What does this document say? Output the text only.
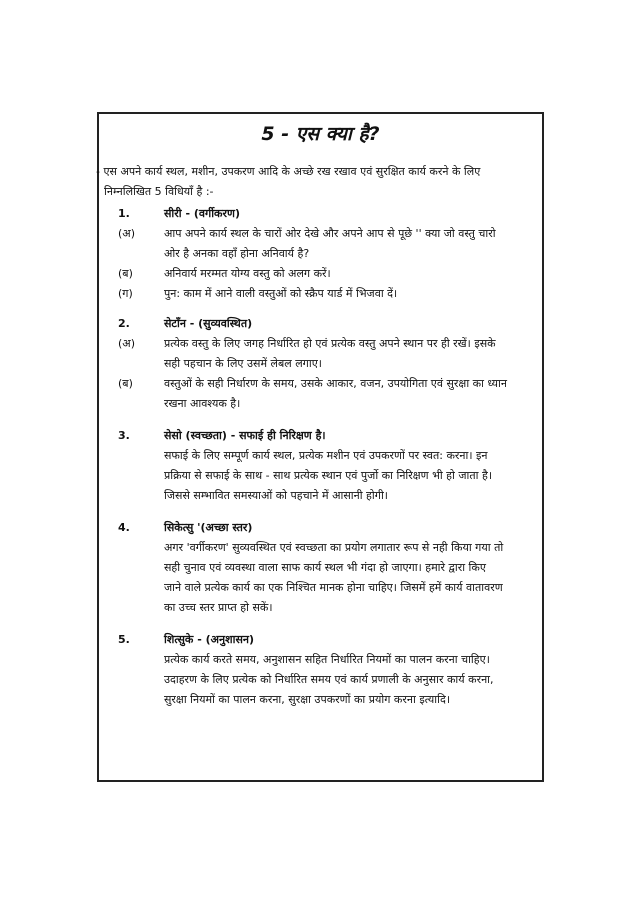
5 - एस क्या है?
- एस अपने कार्य स्थल, मशीन, उपकरण आदि के अच्छे रख रखाव एवं सुरक्षित कार्य करने के लिए
निम्नलिखित 5 विधियाँ है :-
1.	सीरी - (वर्गीकरण)
(अ)	आप अपने कार्य स्थल के चारों ओर देखे और अपने आप से पूछे '' क्या जो वस्तु चारो
ओर है अनका वहाँ होना अनिवार्य है?
(ब)	अनिवार्य मरम्मत योग्य वस्तु को अलग करें।
(ग)	पुन: काम में आने वाली वस्तुओं को स्क्रैप यार्ड में भिजवा दें।
2.	सेटाँन - (सुव्यवस्थित)
(अ)	प्रत्येक वस्तु के लिए जगह निर्धारित हो एवं प्रत्येक वस्तु अपने स्थान पर ही रखें। इसके
सही पहचान के लिए उसमें लेबल लगाए।
(ब)	वस्तुओं के सही निर्धारण के समय, उसके आकार, वजन, उपयोगिता एवं सुरक्षा का ध्यान
रखना आवश्यक है।
3.	सेसो (स्वच्छता) - सफाई ही निरिक्षण है।
सफाई के लिए सम्पूर्ण कार्य स्थल, प्रत्येक मशीन एवं उपकरणों पर स्वत: करना। इन
प्रक्रिया से सफाई के साथ - साथ प्रत्येक स्थान एवं पुर्जो का निरिक्षण भी हो जाता है।
जिससे सम्भावित समस्याओं को पहचाने में आसानी होगी।
4.	सिकेत्सु '(अच्छा स्तर)
अगर 'वर्गीकरण' सुव्यवस्थित एवं स्वच्छता का प्रयोग लगातार रूप से नही किया गया तो
सही चुनाव एवं व्यवस्था वाला साफ कार्य स्थल भी गंदा हो जाएगा। हमारे द्वारा किए
जाने वाले प्रत्येक कार्य का एक निश्चित मानक होना चाहिए। जिसमें हमें कार्य वातावरण
का उच्च स्तर प्राप्त हो सकें।
5.	शित्सुके - (अनुशासन)
प्रत्येक कार्य करते समय, अनुशासन सहित निर्धारित नियमों का पालन करना चाहिए।
उदाहरण के लिए प्रत्येक को निर्धारित समय एवं कार्य प्रणाली के अनुसार कार्य करना,
सुरक्षा नियमों का पालन करना, सुरक्षा उपकरणों का प्रयोग करना इत्यादि।
